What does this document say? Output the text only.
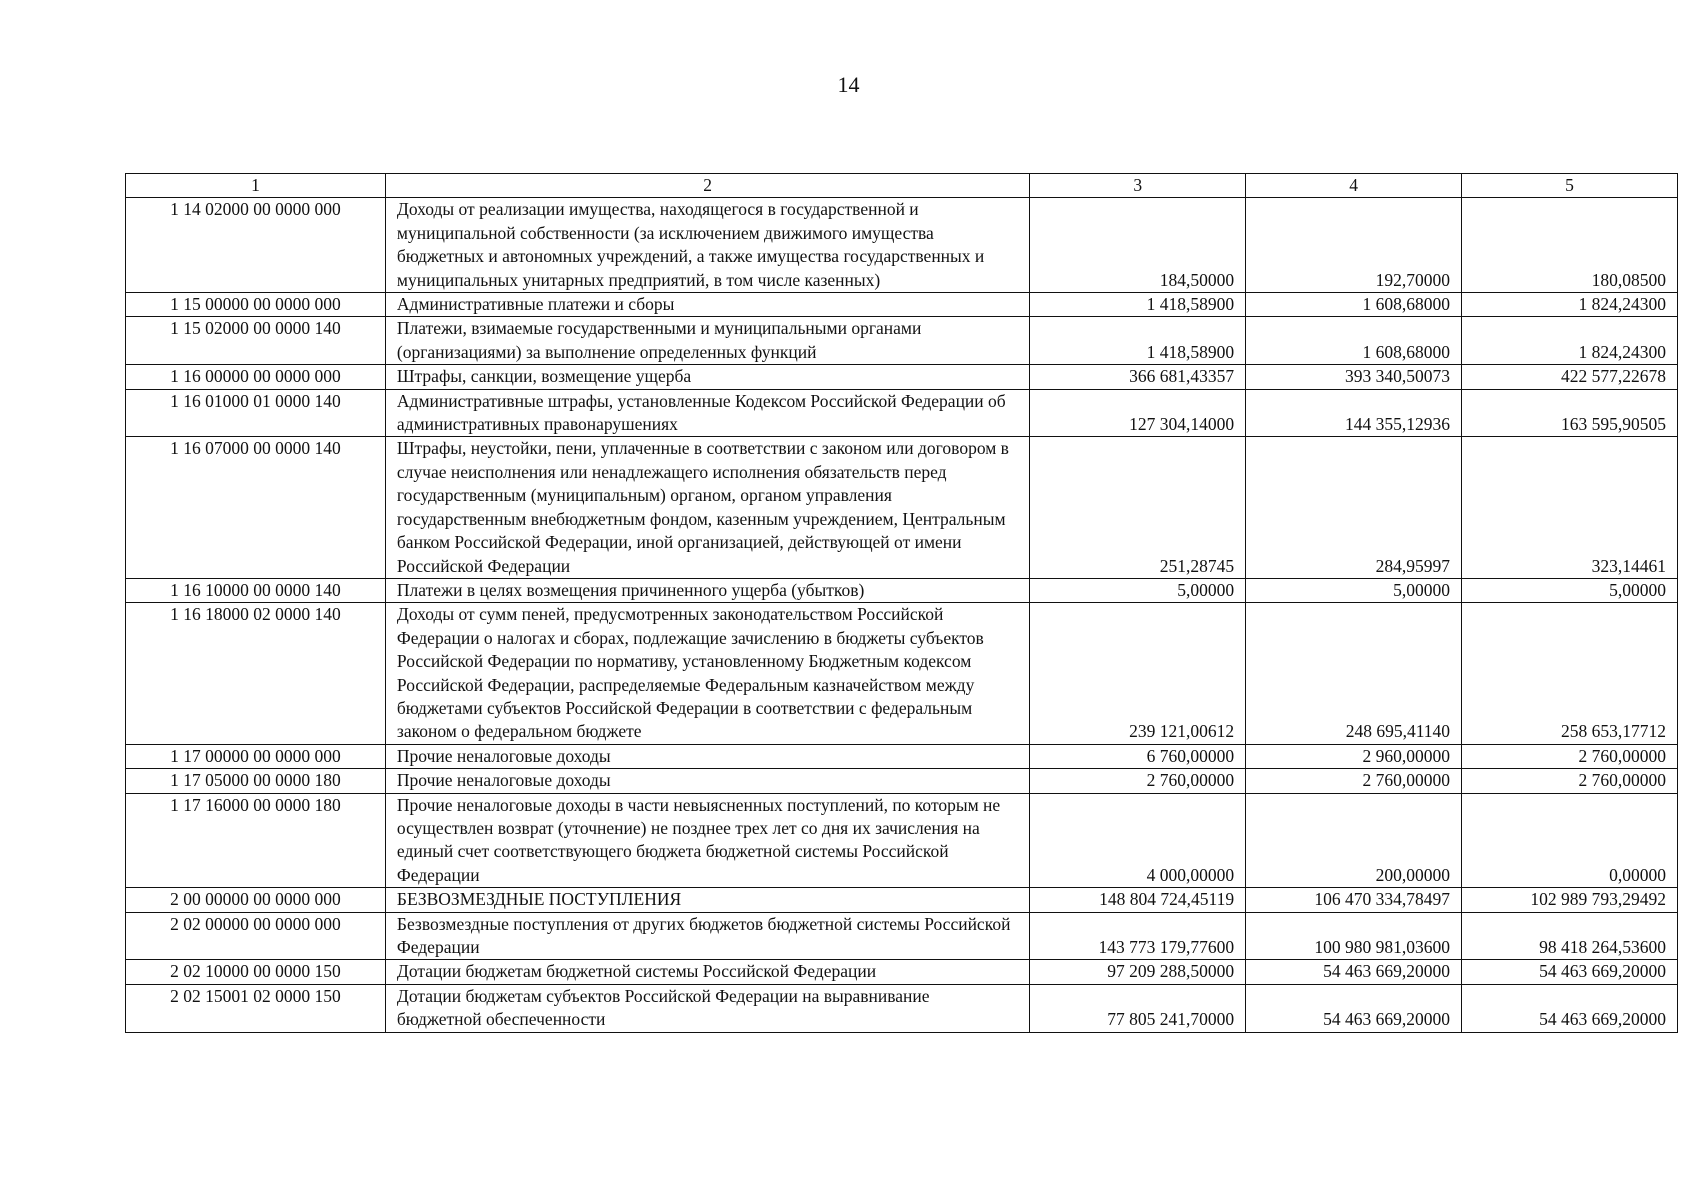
14
1	2	3	4	5
1 14 02000 00 0000 000	Доходы от реализации имущества, находящегося в государственной и муниципальной собственности (за исключением движимого имущества бюджетных и автономных учреждений, а также имущества государственных и муниципальных унитарных предприятий, в том числе казенных)	184,50000	192,70000	180,08500
1 15 00000 00 0000 000	Административные платежи и сборы	1 418,58900	1 608,68000	1 824,24300
1 15 02000 00 0000 140	Платежи, взимаемые государственными и муниципальными органами (организациями) за выполнение определенных функций	1 418,58900	1 608,68000	1 824,24300
1 16 00000 00 0000 000	Штрафы, санкции, возмещение ущерба	366 681,43357	393 340,50073	422 577,22678
1 16 01000 01 0000 140	Административные штрафы, установленные Кодексом Российской Федерации об административных правонарушениях	127 304,14000	144 355,12936	163 595,90505
1 16 07000 00 0000 140	Штрафы, неустойки, пени, уплаченные в соответствии с законом или договором в случае неисполнения или ненадлежащего исполнения обязательств перед государственным (муниципальным) органом, органом управления государственным внебюджетным фондом, казенным учреждением, Центральным банком Российской Федерации, иной организацией, действующей от имени Российской Федерации	251,28745	284,95997	323,14461
1 16 10000 00 0000 140	Платежи в целях возмещения причиненного ущерба (убытков)	5,00000	5,00000	5,00000
1 16 18000 02 0000 140	Доходы от сумм пеней, предусмотренных законодательством Российской Федерации о налогах и сборах, подлежащие зачислению в бюджеты субъектов Российской Федерации по нормативу, установленному Бюджетным кодексом Российской Федерации, распределяемые Федеральным казначейством между бюджетами субъектов Российской Федерации в соответствии с федеральным законом о федеральном бюджете	239 121,00612	248 695,41140	258 653,17712
1 17 00000 00 0000 000	Прочие неналоговые доходы	6 760,00000	2 960,00000	2 760,00000
1 17 05000 00 0000 180	Прочие неналоговые доходы	2 760,00000	2 760,00000	2 760,00000
1 17 16000 00 0000 180	Прочие неналоговые доходы в части невыясненных поступлений, по которым не осуществлен возврат (уточнение) не позднее трех лет со дня их зачисления на единый счет соответствующего бюджета бюджетной системы Российской Федерации	4 000,00000	200,00000	0,00000
2 00 00000 00 0000 000	БЕЗВОЗМЕЗДНЫЕ ПОСТУПЛЕНИЯ	148 804 724,45119	106 470 334,78497	102 989 793,29492
2 02 00000 00 0000 000	Безвозмездные поступления от других бюджетов бюджетной системы Российской Федерации	143 773 179,77600	100 980 981,03600	98 418 264,53600
2 02 10000 00 0000 150	Дотации бюджетам бюджетной системы Российской Федерации	97 209 288,50000	54 463 669,20000	54 463 669,20000
2 02 15001 02 0000 150	Дотации бюджетам субъектов Российской Федерации на выравнивание бюджетной обеспеченности	77 805 241,70000	54 463 669,20000	54 463 669,20000
